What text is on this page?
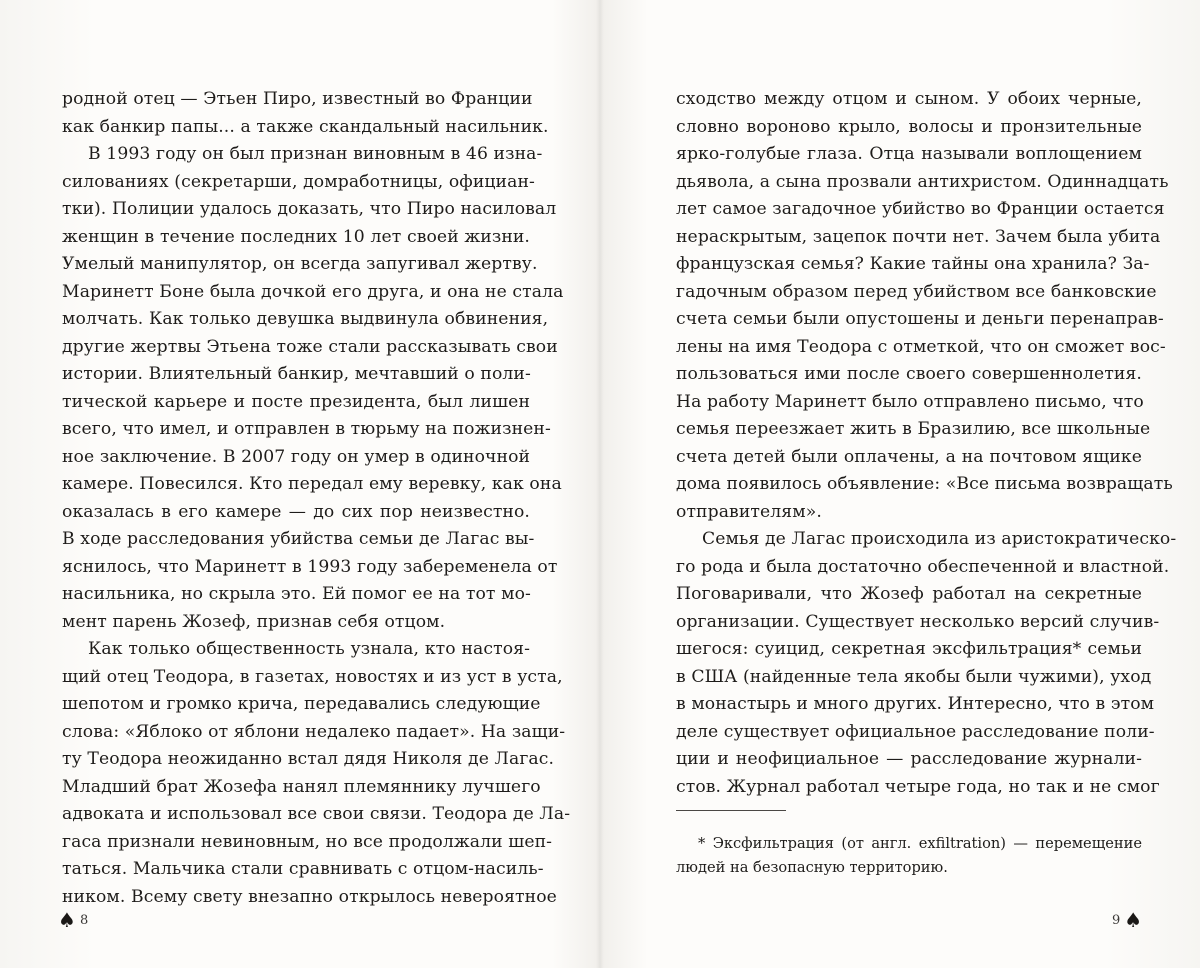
родной отец — Этьен Пиро, известный во Франции
как банкир папы... а также скандальный насильник.
В 1993 году он был признан виновным в 46 изна-
силованиях (секретарши, домработницы, официан-
тки). Полиции удалось доказать, что Пиро насиловал
женщин в течение последних 10 лет своей жизни.
Умелый манипулятор, он всегда запугивал жертву.
Маринетт Боне была дочкой его друга, и она не стала
молчать. Как только девушка выдвинула обвинения,
другие жертвы Этьена тоже стали рассказывать свои
истории. Влиятельный банкир, мечтавший о поли-
тической карьере и посте президента, был лишен
всего, что имел, и отправлен в тюрьму на пожизнен-
ное заключение. В 2007 году он умер в одиночной
камере. Повесился. Кто передал ему веревку, как она
оказалась в его камере — до сих пор неизвестно.
В ходе расследования убийства семьи де Лагас вы-
яснилось, что Маринетт в 1993 году забеременела от
насильника, но скрыла это. Ей помог ее на тот мо-
мент парень Жозеф, признав себя отцом.
Как только общественность узнала, кто настоя-
щий отец Теодора, в газетах, новостях и из уст в уста,
шепотом и громко крича, передавались следующие
слова: «Яблоко от яблони недалеко падает». На защи-
ту Теодора неожиданно встал дядя Николя де Лагас.
Младший брат Жозефа нанял племяннику лучшего
адвоката и использовал все свои связи. Теодора де Ла-
гаса признали невиновным, но все продолжали шеп-
таться. Мальчика стали сравнивать с отцом-насиль-
ником. Всему свету внезапно открылось невероятное
сходство между отцом и сыном. У обоих черные,
словно вороново крыло, волосы и пронзительные
ярко-голубые глаза. Отца называли воплощением
дьявола, а сына прозвали антихристом. Одиннадцать
лет самое загадочное убийство во Франции остается
нераскрытым, зацепок почти нет. Зачем была убита
французская семья? Какие тайны она хранила? За-
гадочным образом перед убийством все банковские
счета семьи были опустошены и деньги перенаправ-
лены на имя Теодора с отметкой, что он сможет вос-
пользоваться ими после своего совершеннолетия.
На работу Маринетт было отправлено письмо, что
семья переезжает жить в Бразилию, все школьные
счета детей были оплачены, а на почтовом ящике
дома появилось объявление: «Все письма возвращать
отправителям».
Семья де Лагас происходила из аристократическо-
го рода и была достаточно обеспеченной и властной.
Поговаривали, что Жозеф работал на секретные
организации. Существует несколько версий случив-
шегося: суицид, секретная эксфильтрация* семьи
в США (найденные тела якобы были чужими), уход
в монастырь и много других. Интересно, что в этом
деле существует официальное расследование поли-
ции и неофициальное — расследование журнали-
стов. Журнал работал четыре года, но так и не смог
* Эксфильтрация (от англ. exfiltration) — перемещение
людей на безопасную территорию.
♠ 8	9 ♠
